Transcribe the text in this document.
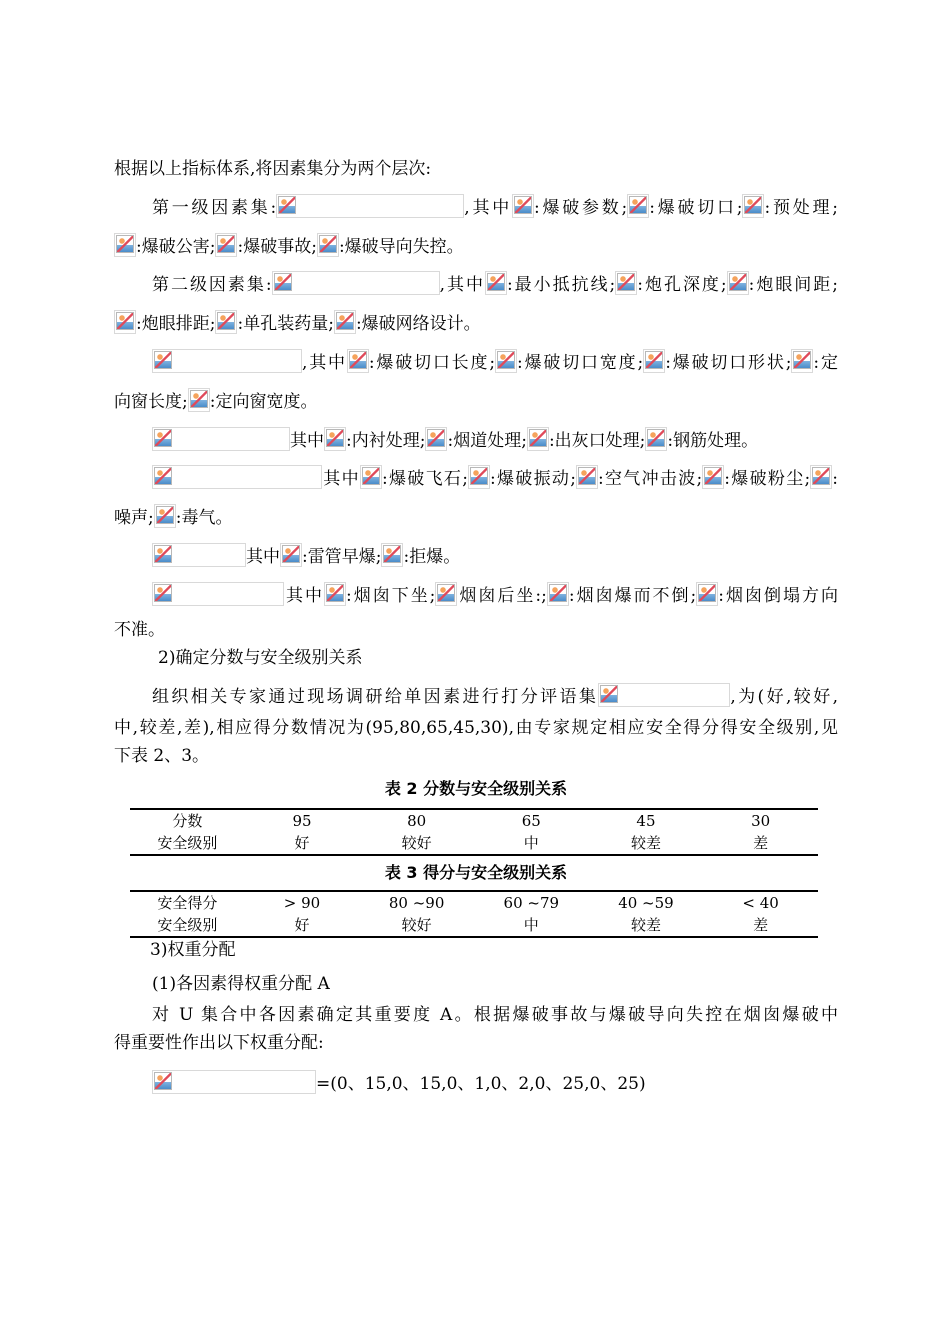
根据以上指标体系,将因素集分为两个层次:

第一级因素集:	,其中 :爆破参数; :爆破切口; :预处理;

:爆破公害; :爆破事故; :爆破导向失控。

第二级因素集:	,其中 :最小抵抗线; :炮孔深度; :炮眼间距;

:炮眼排距; :单孔装药量; :爆破网络设计。

,其中 :爆破切口长度; :爆破切口宽度; :爆破切口形状; :定

向窗长度; :定向窗宽度。

其中 :内衬处理; :烟道处理; :出灰口处理; :钢筋处理。

其中 :爆破飞石; :爆破振动; :空气冲击波; :爆破粉尘; :

噪声; :毒气。

其中 :雷管早爆; :拒爆。

其中 :烟囱下坐; 烟囱后坐:; :烟囱爆而不倒; :烟囱倒塌方向

不准。

2)确定分数与安全级别关系

组织相关专家通过现场调研给单因素进行打分评语集	,为(好,较好,

中,较差,差),相应得分数情况为(95,80,65,45,30),由专家规定相应安全得分得安全级别,见

下表 2、3。

表 2 分数与安全级别关系

分数	95	80	65	45	30
安全级别	好	较好	中	较差	差

表 3 得分与安全级别关系

安全得分	> 90	80 ~90	60 ~79	40 ~59	< 40
安全级别	好	较好	中	较差	差

3)权重分配

(1)各因素得权重分配 A

对 U 集合中各因素确定其重要度 A。根据爆破事故与爆破导向失控在烟囱爆破中

得重要性作出以下权重分配:

=(0、15,0、15,0、1,0、2,0、25,0、25)
